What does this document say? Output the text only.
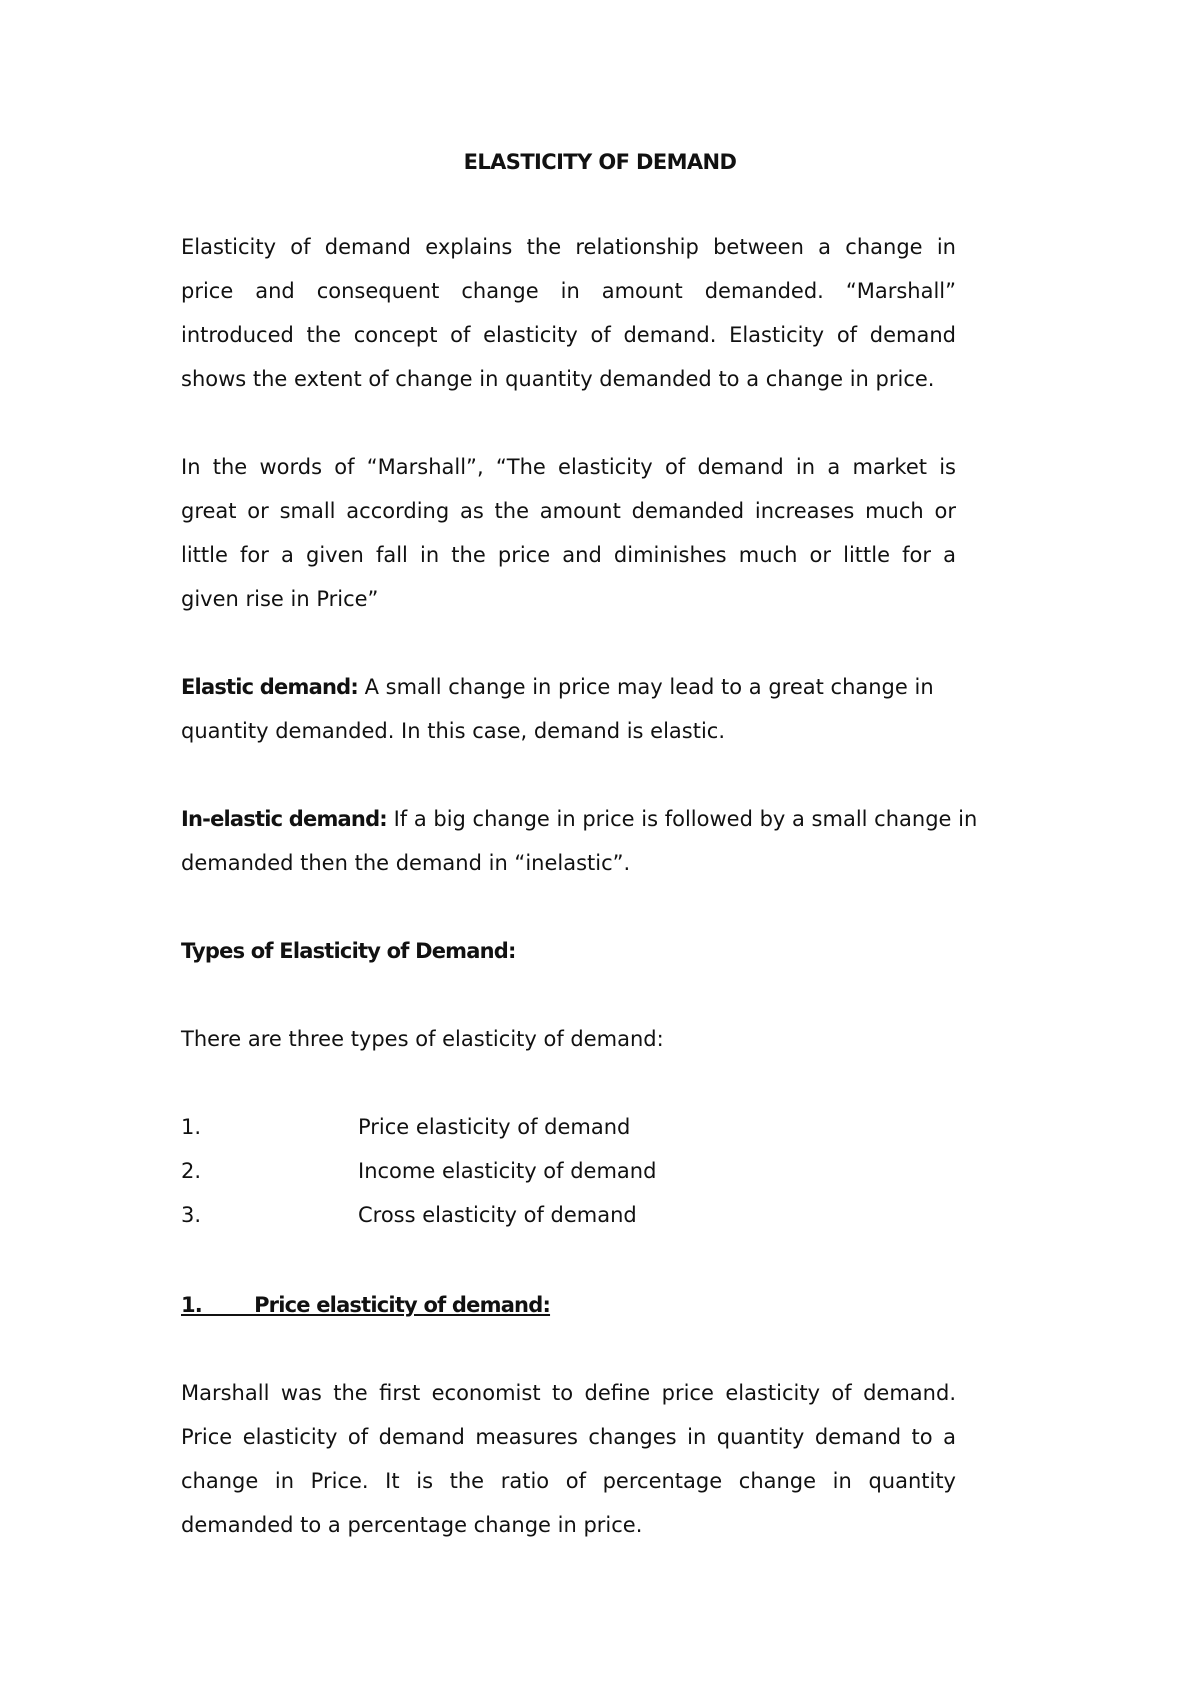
ELASTICITY OF DEMAND
Elasticity of demand explains the relationship between a change in
price and consequent change in amount demanded. “Marshall”
introduced the concept of elasticity of demand. Elasticity of demand
shows the extent of change in quantity demanded to a change in price.
In the words of “Marshall”, “The elasticity of demand in a market is
great or small according as the amount demanded increases much or
little for a given fall in the price and diminishes much or little for a
given rise in Price”
Elastic demand: A small change in price may lead to a great change in
quantity demanded. In this case, demand is elastic.
In-elastic demand: If a big change in price is followed by a small change in
demanded then the demand in “inelastic”.
Types of Elasticity of Demand:
There are three types of elasticity of demand:
1.	Price elasticity of demand
2.	Income elasticity of demand
3.	Cross elasticity of demand
1.        Price elasticity of demand:
Marshall was the first economist to define price elasticity of demand.
Price elasticity of demand measures changes in quantity demand to a
change in Price. It is the ratio of percentage change in quantity
demanded to a percentage change in price.
